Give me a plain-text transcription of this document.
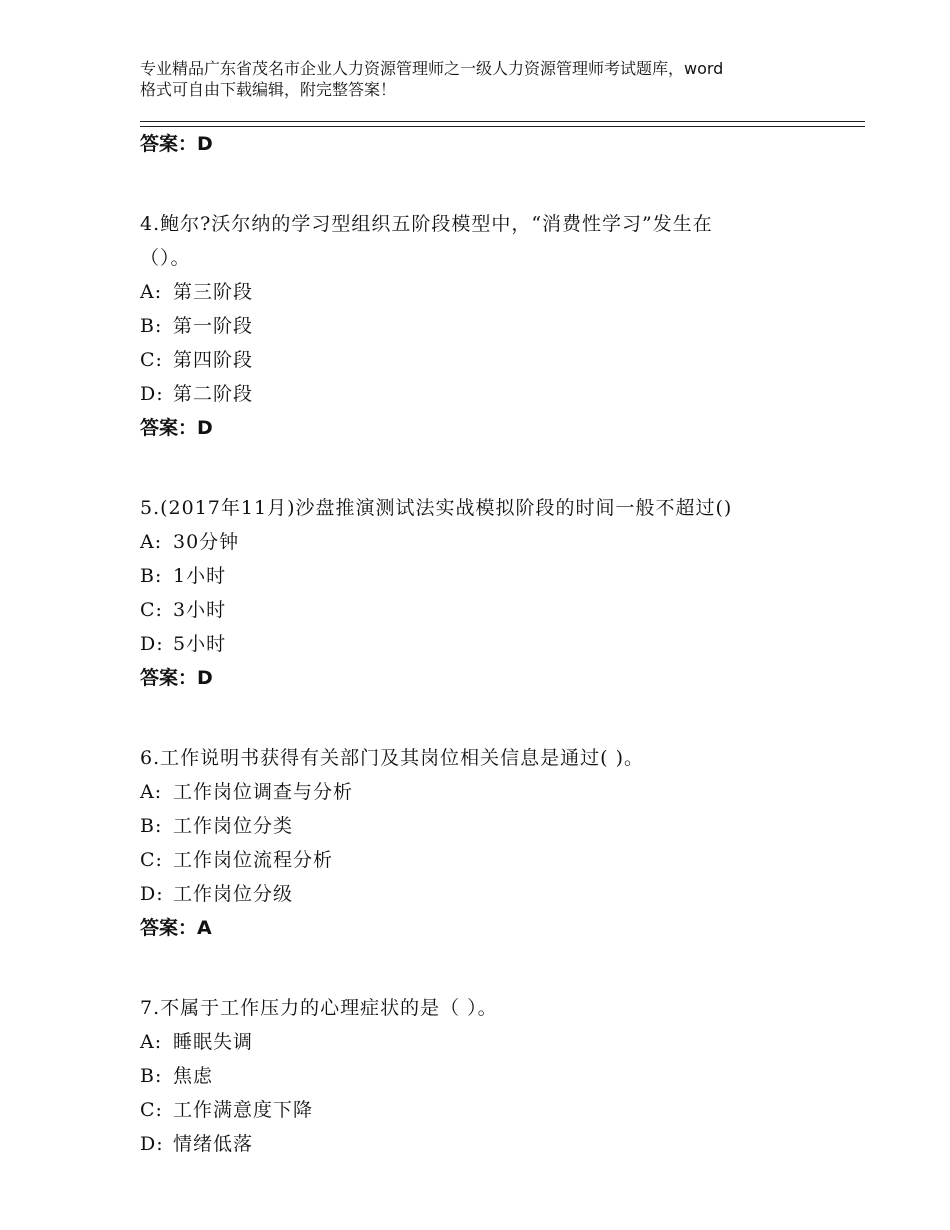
专业精品广东省茂名市企业人力资源管理师之一级人力资源管理师考试题库，word
格式可自由下载编辑，附完整答案！
答案：D
4.鲍尔?沃尔纳的学习型组织五阶段模型中，“消费性学习”发生在
（）。
A: 第三阶段
B: 第一阶段
C: 第四阶段
D: 第二阶段
答案：D
5.(2017年11月)沙盘推演测试法实战模拟阶段的时间一般不超过()
A: 30分钟
B: 1小时
C: 3小时
D: 5小时
答案：D
6.工作说明书获得有关部门及其岗位相关信息是通过( )。
A: 工作岗位调查与分析
B: 工作岗位分类
C: 工作岗位流程分析
D: 工作岗位分级
答案：A
7.不属于工作压力的心理症状的是（ ）。
A: 睡眠失调
B: 焦虑
C: 工作满意度下降
D: 情绪低落
